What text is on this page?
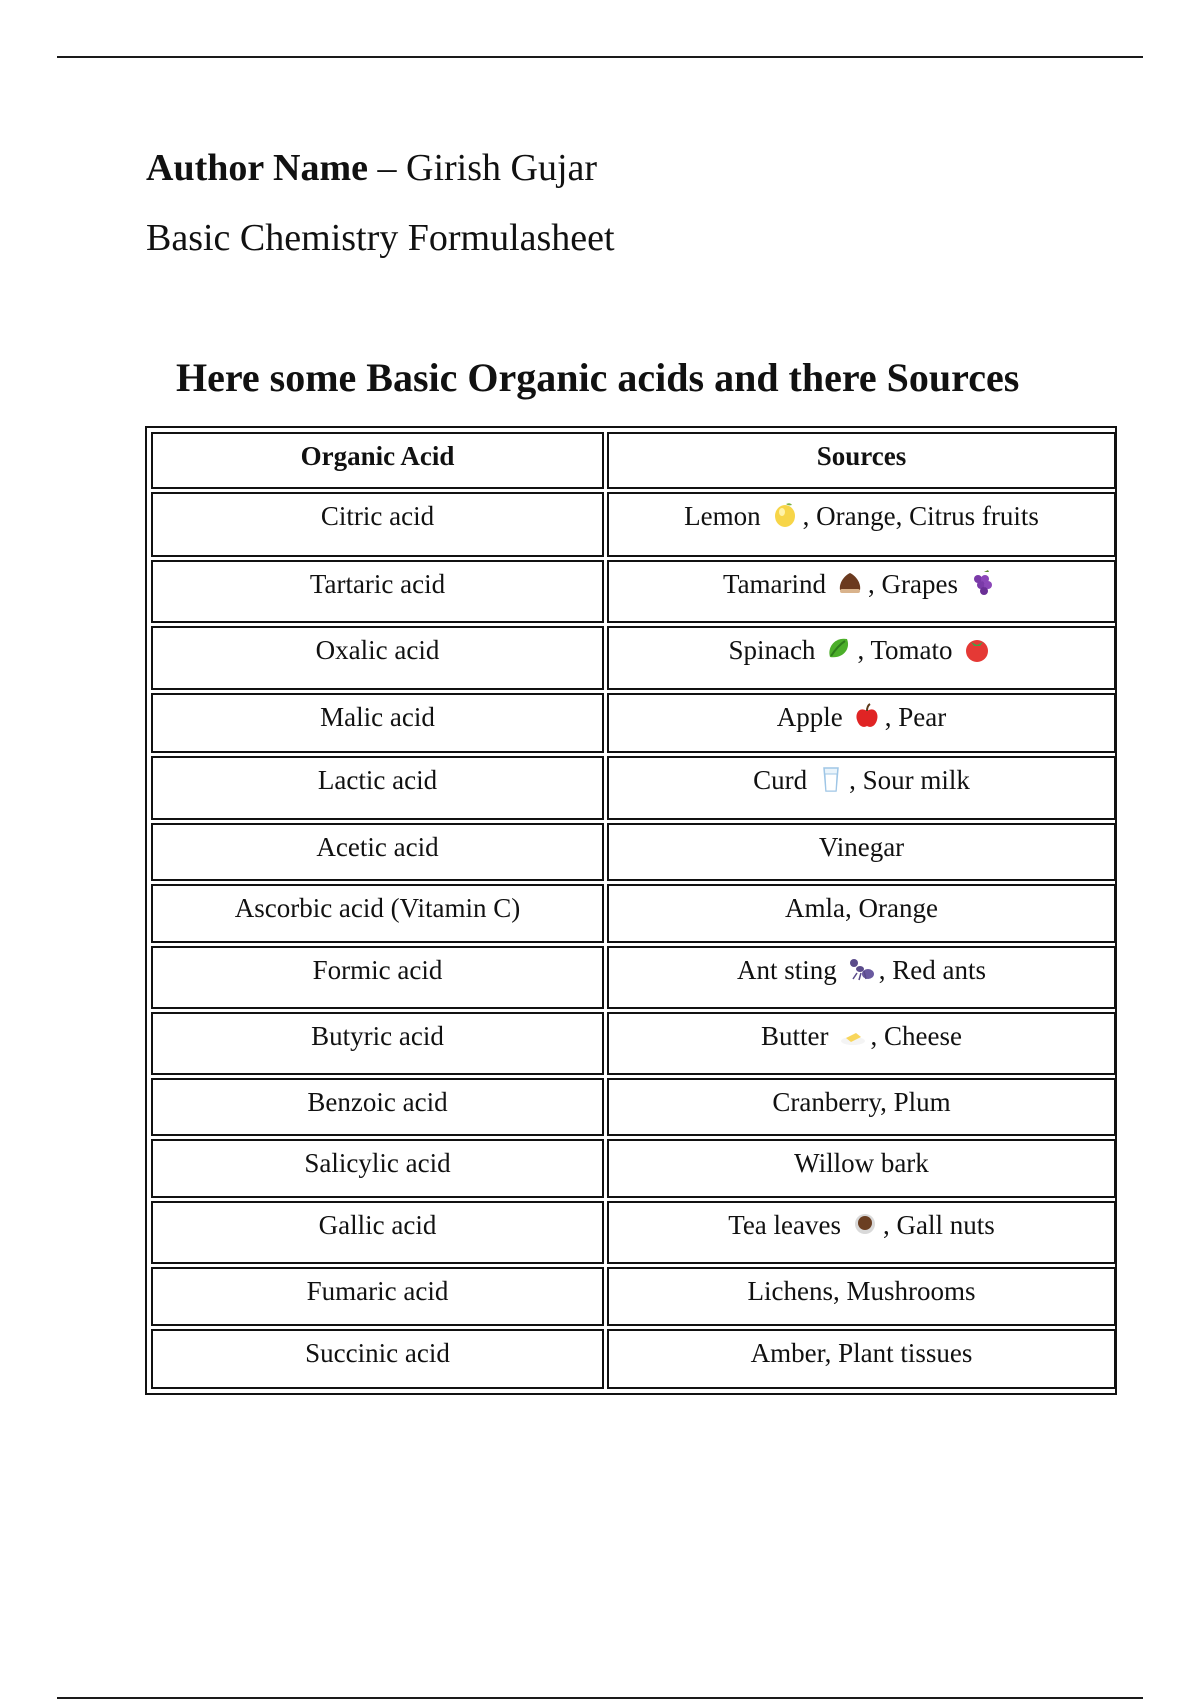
Author Name – Girish Gujar
Basic Chemistry Formulasheet
Here some Basic Organic acids and there Sources
Organic Acid	Sources
Citric acid	Lemon , Orange, Citrus fruits
Tartaric acid	Tamarind , Grapes
Oxalic acid	Spinach , Tomato
Malic acid	Apple , Pear
Lactic acid	Curd , Sour milk
Acetic acid	Vinegar
Ascorbic acid (Vitamin C)	Amla, Orange
Formic acid	Ant sting , Red ants
Butyric acid	Butter , Cheese
Benzoic acid	Cranberry, Plum
Salicylic acid	Willow bark
Gallic acid	Tea leaves , Gall nuts
Fumaric acid	Lichens, Mushrooms
Succinic acid	Amber, Plant tissues
